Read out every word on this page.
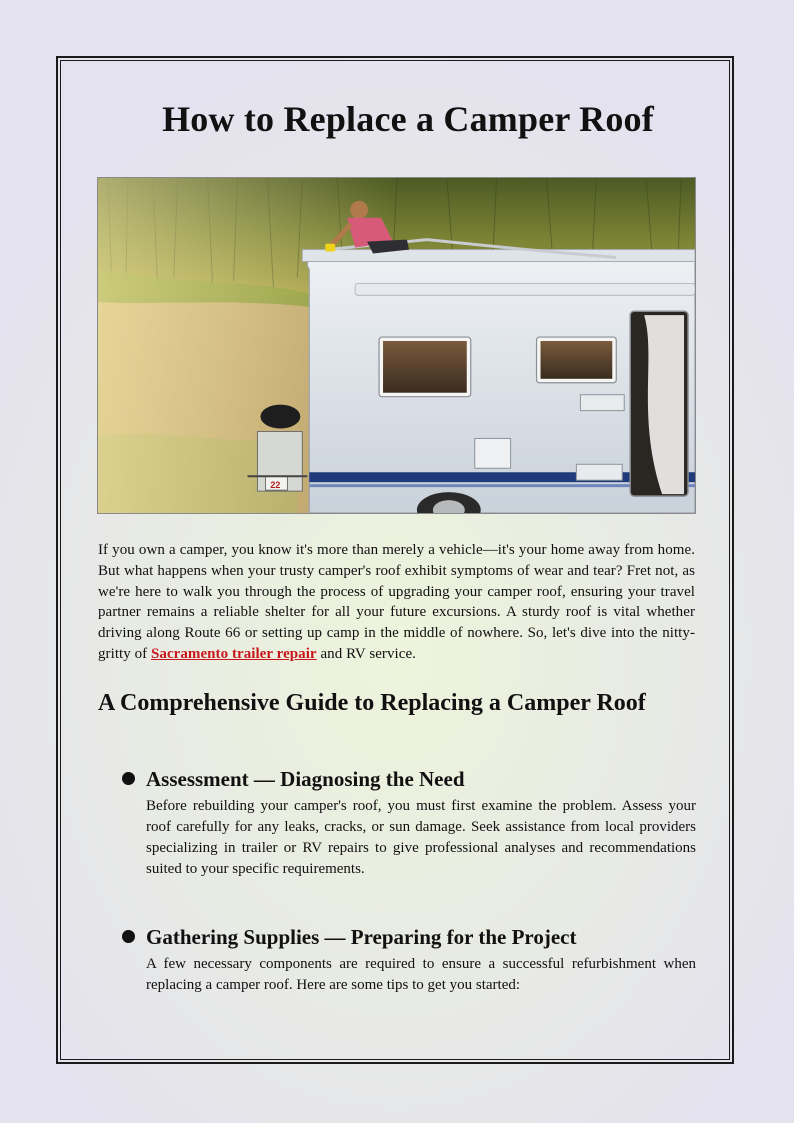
How to Replace a Camper Roof
22

If you own a camper, you know it's more than merely a vehicle—it's your home away from home. But what happens when your trusty camper's roof exhibit symptoms of wear and tear? Fret not, as we're here to walk you through the process of upgrading your camper roof, ensuring your travel partner remains a reliable shelter for all your future excursions. A sturdy roof is vital whether driving along Route 66 or setting up camp in the middle of nowhere. So, let's dive into the nitty-gritty of Sacramento trailer repair and RV service.

A Comprehensive Guide to Replacing a Camper Roof
Assessment — Diagnosing the Need

Before rebuilding your camper's roof, you must first examine the problem. Assess your roof carefully for any leaks, cracks, or sun damage. Seek assistance from local providers specializing in trailer or RV repairs to give professional analyses and recommendations suited to your specific requirements.

Gathering Supplies — Preparing for the Project

A few necessary components are required to ensure a successful refurbishment when replacing a camper roof. Here are some tips to get you started:
